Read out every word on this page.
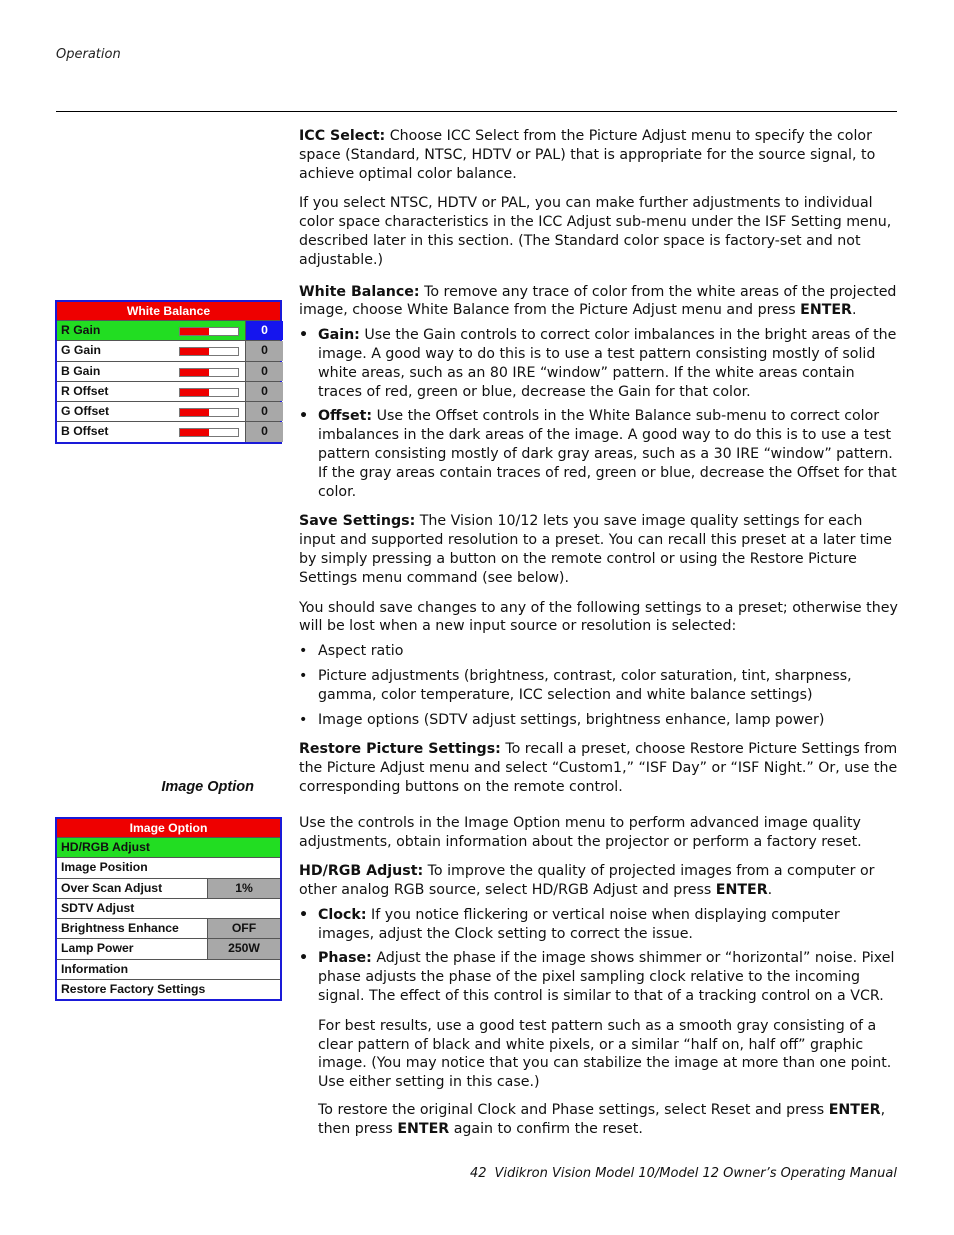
Operation
White Balance
R Gain	0
G Gain	0
B Gain	0
R Offset	0
G Offset	0
B Offset	0
Image Option
HD/RGB Adjust
Image Position
Over Scan Adjust	1%
SDTV Adjust
Brightness Enhance	OFF
Lamp Power	250W
Information
Restore Factory Settings
Image Option

ICC Select: Choose ICC Select from the Picture Adjust menu to specify the color space (Standard, NTSC, HDTV or PAL) that is appropriate for the source signal, to achieve optimal color balance.

If you select NTSC, HDTV or PAL, you can make further adjustments to individual color space characteristics in the ICC Adjust sub-menu under the ISF Setting menu, described later in this section. (The Standard color space is factory-set and not adjustable.)

White Balance: To remove any trace of color from the white areas of the projected image, choose White Balance from the Picture Adjust menu and press ENTER.

• Gain: Use the Gain controls to correct color imbalances in the bright areas of the image. A good way to do this is to use a test pattern consisting mostly of solid white areas, such as an 80 IRE “window” pattern. If the white areas contain traces of red, green or blue, decrease the Gain for that color.
• Offset: Use the Offset controls in the White Balance sub-menu to correct color imbalances in the dark areas of the image. A good way to do this is to use a test pattern consisting mostly of dark gray areas, such as a 30 IRE “window” pattern. If the gray areas contain traces of red, green or blue, decrease the Offset for that color.

Save Settings: The Vision 10/12 lets you save image quality settings for each input and supported resolution to a preset. You can recall this preset at a later time by simply pressing a button on the remote control or using the Restore Picture Settings menu command (see below).

You should save changes to any of the following settings to a preset; otherwise they will be lost when a new input source or resolution is selected:

• Aspect ratio
• Picture adjustments (brightness, contrast, color saturation, tint, sharpness, gamma, color temperature, ICC selection and white balance settings)
• Image options (SDTV adjust settings, brightness enhance, lamp power)

Restore Picture Settings: To recall a preset, choose Restore Picture Settings from the Picture Adjust menu and select “Custom1,” “ISF Day” or “ISF Night.” Or, use the corresponding buttons on the remote control.

Use the controls in the Image Option menu to perform advanced image quality adjustments, obtain information about the projector or perform a factory reset.

HD/RGB Adjust: To improve the quality of projected images from a computer or other analog RGB source, select HD/RGB Adjust and press ENTER.

• Clock: If you notice flickering or vertical noise when displaying computer images, adjust the Clock setting to correct the issue.
• Phase: Adjust the phase if the image shows shimmer or “horizontal” noise. Pixel phase adjusts the phase of the pixel sampling clock relative to the incoming signal. The effect of this control is similar to that of a tracking control on a VCR.

For best results, use a good test pattern such as a smooth gray consisting of a clear pattern of black and white pixels, or a similar “half on, half off” graphic image. (You may notice that you can stabilize the image at more than one point. Use either setting in this case.)

To restore the original Clock and Phase settings, select Reset and press ENTER, then press ENTER again to confirm the reset.

42 Vidikron Vision Model 10/Model 12 Owner’s Operating Manual
